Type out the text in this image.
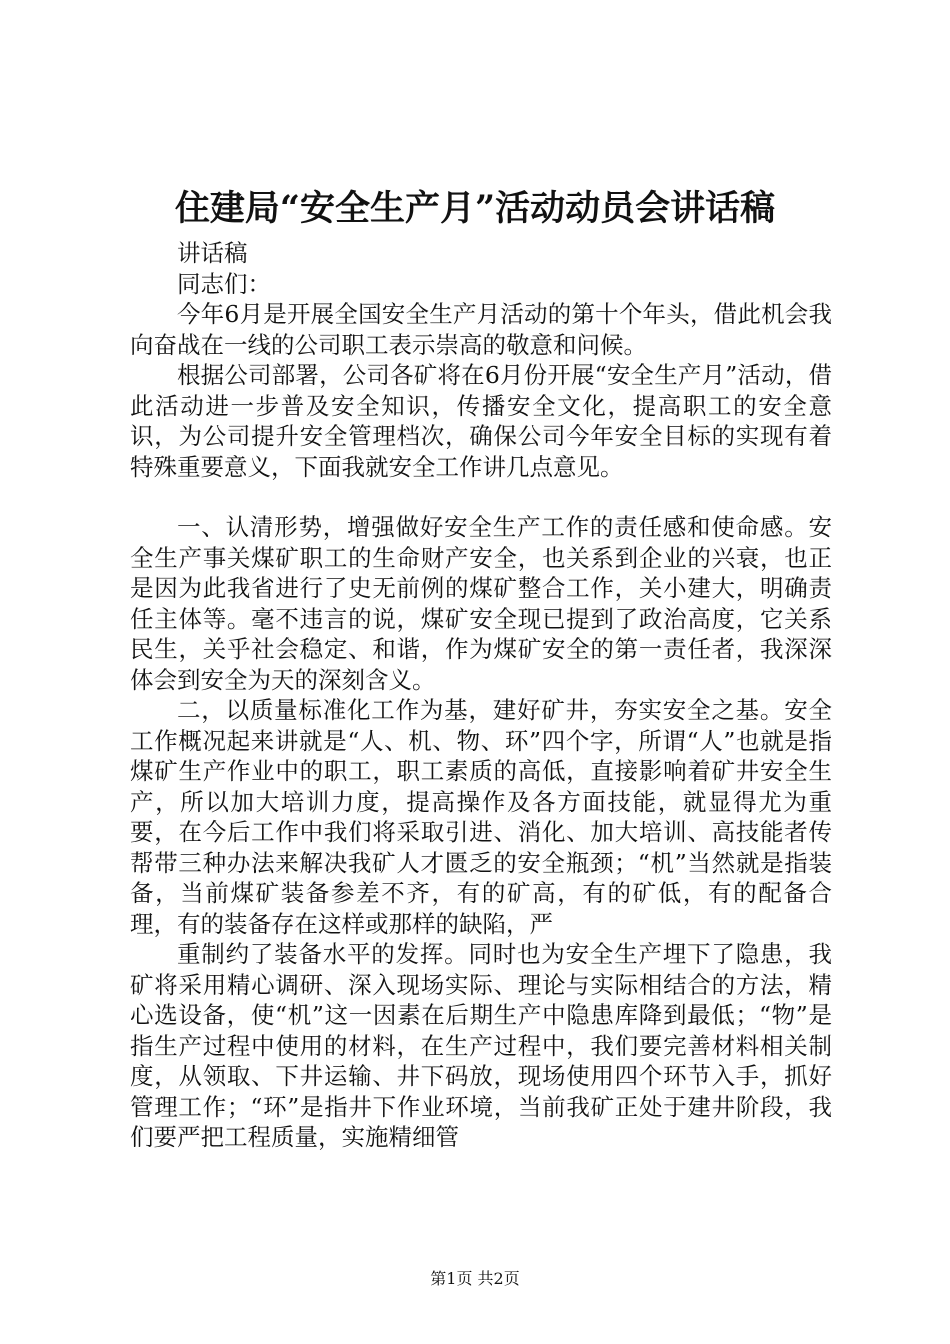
住建局“安全生产月”活动动员会讲话稿

讲话稿

同志们：

今年6月是开展全国安全生产月活动的第十个年头，借此机会我向奋战在一线的公司职工表示崇高的敬意和问候。

根据公司部署，公司各矿将在6月份开展“安全生产月”活动，借此活动进一步普及安全知识，传播安全文化，提高职工的安全意识，为公司提升安全管理档次，确保公司今年安全目标的实现有着特殊重要意义，下面我就安全工作讲几点意见。

一、认清形势，增强做好安全生产工作的责任感和使命感。安全生产事关煤矿职工的生命财产安全，也关系到企业的兴衰，也正是因为此我省进行了史无前例的煤矿整合工作，关小建大，明确责任主体等。毫不违言的说，煤矿安全现已提到了政治高度，它关系民生，关乎社会稳定、和谐，作为煤矿安全的第一责任者，我深深体会到安全为天的深刻含义。

二，以质量标准化工作为基，建好矿井，夯实安全之基。安全工作概况起来讲就是“人、机、物、环”四个字，所谓“人”也就是指煤矿生产作业中的职工，职工素质的高低，直接影响着矿井安全生产，所以加大培训力度，提高操作及各方面技能，就显得尤为重要，在今后工作中我们将采取引进、消化、加大培训、高技能者传帮带三种办法来解决我矿人才匮乏的安全瓶颈；“机”当然就是指装备，当前煤矿装备参差不齐，有的矿高，有的矿低，有的配备合理，有的装备存在这样或那样的缺陷，严

重制约了装备水平的发挥。同时也为安全生产埋下了隐患，我矿将采用精心调研、深入现场实际、理论与实际相结合的方法，精心选设备，使“机”这一因素在后期生产中隐患库降到最低；“物”是指生产过程中使用的材料，在生产过程中，我们要完善材料相关制度，从领取、下井运输、井下码放，现场使用四个环节入手，抓好管理工作；“环”是指井下作业环境，当前我矿正处于建井阶段，我们要严把工程质量，实施精细管

第1页 共2页
